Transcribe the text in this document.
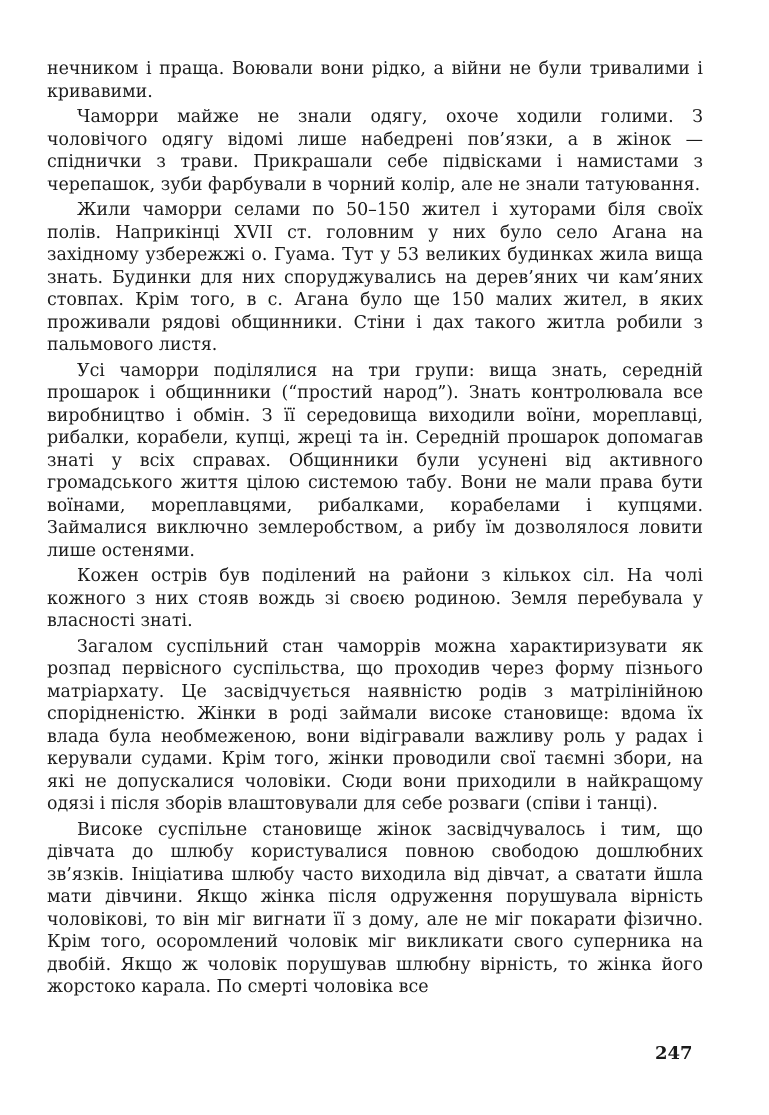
нечником і праща. Воювали вони рідко, а війни не були тривалими і кривавими.

Чаморри майже не знали одягу, охоче ходили голими. З чоловічого одягу відомі лише набедрені пов’язки, а в жінок — спіднички з трави. Прикрашали себе підвісками і намистами з черепашок, зуби фарбували в чорний колір, але не знали татуювання.

Жили чаморри селами по 50–150 жител і хуторами біля своїх полів. Наприкінці XVII ст. головним у них було село Агана на західному узбережжі о. Гуама. Тут у 53 великих будинках жила вища знать. Будинки для них споруджувались на дерев’яних чи кам’яних стовпах. Крім того, в с. Агана було ще 150 малих жител, в яких проживали рядові общинники. Стіни і дах такого житла робили з пальмового листя.

Усі чаморри поділялися на три групи: вища знать, середній прошарок і общинники (“простий народ”). Знать контролювала все виробництво і обмін. З її середовища виходили воїни, мореплавці, рибалки, корабели, купці, жреці та ін. Середній прошарок допомагав знаті у всіх справах. Общинники були усунені від активного громадського життя цілою системою табу. Вони не мали права бути воїнами, мореплавцями, рибалками, корабелами і купцями. Займалися виключно землеробством, а рибу їм дозволялося ловити лише остенями.

Кожен острів був поділений на райони з кількох сіл. На чолі кожного з них стояв вождь зі своєю родиною. Земля перебувала у власності знаті.

Загалом суспільний стан чаморрів можна характиризувати як розпад первісного суспільства, що проходив через форму пізнього матріархату. Це засвідчується наявністю родів з матрілінійною спорідненістю. Жінки в роді займали високе становище: вдома їх влада була необмеженою, вони відігравали важливу роль у радах і керували судами. Крім того, жінки проводили свої таємні збори, на які не допускалися чоловіки. Сюди вони приходили в найкращому одязі і після зборів влаштовували для себе розваги (співи і танці).

Високе суспільне становище жінок засвідчувалось і тим, що дівчата до шлюбу користувалися повною свободою дошлюбних зв’язків. Ініціатива шлюбу часто виходила від дівчат, а сватати йшла мати дівчини. Якщо жінка після одруження порушувала вірність чоловікові, то він міг вигнати її з дому, але не міг покарати фізично. Крім того, осоромлений чоловік міг викликати свого суперника на двобій. Якщо ж чоловік порушував шлюбну вірність, то жінка його жорстоко карала. По смерті чоловіка все

247
